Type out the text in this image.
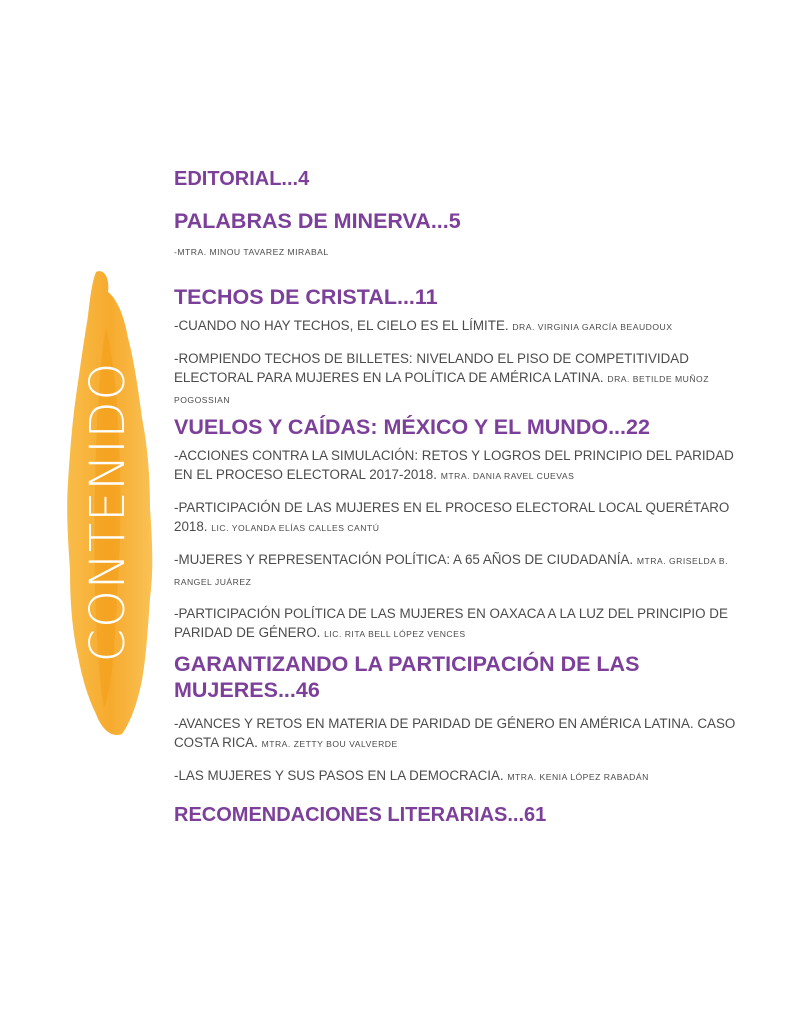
CONTENIDO

EDITORIAL...4

PALABRAS DE MINERVA...5

-MTRA. MINOU TAVAREZ MIRABAL

TECHOS DE CRISTAL...11

-CUANDO NO HAY TECHOS, EL CIELO ES EL LÍMITE. DRA. VIRGINIA GARCÍA BEAUDOUX

-ROMPIENDO TECHOS DE BILLETES: NIVELANDO EL PISO DE COMPETITIVIDAD ELECTORAL PARA MUJERES EN LA POLÍTICA DE AMÉRICA LATINA. DRA. BETILDE MUÑOZ POGOSSIAN

VUELOS Y CAÍDAS: MÉXICO Y EL MUNDO...22

-ACCIONES CONTRA LA SIMULACIÓN: RETOS Y LOGROS DEL PRINCIPIO DEL PARIDAD EN EL PROCESO ELECTORAL 2017-2018. MTRA. DANIA RAVEL CUEVAS

-PARTICIPACIÓN DE LAS MUJERES EN EL PROCESO ELECTORAL LOCAL QUERÉTARO 2018. LIC. YOLANDA ELÍAS CALLES CANTÚ

-MUJERES Y REPRESENTACIÓN POLÍTICA: A 65 AÑOS DE CIUDADANÍA. MTRA. GRISELDA B. RANGEL JUÁREZ

-PARTICIPACIÓN POLÍTICA DE LAS MUJERES EN OAXACA A LA LUZ DEL PRINCIPIO DE PARIDAD DE GÉNERO. LIC. RITA BELL LÓPEZ VENCES

GARANTIZANDO LA PARTICIPACIÓN DE LAS MUJERES...46

-AVANCES Y RETOS EN MATERIA DE PARIDAD DE GÉNERO EN AMÉRICA LATINA. CASO COSTA RICA. MTRA. ZETTY BOU VALVERDE

-LAS MUJERES Y SUS PASOS EN LA DEMOCRACIA. MTRA. KENIA LÓPEZ RABADÁN

RECOMENDACIONES LITERARIAS...61
